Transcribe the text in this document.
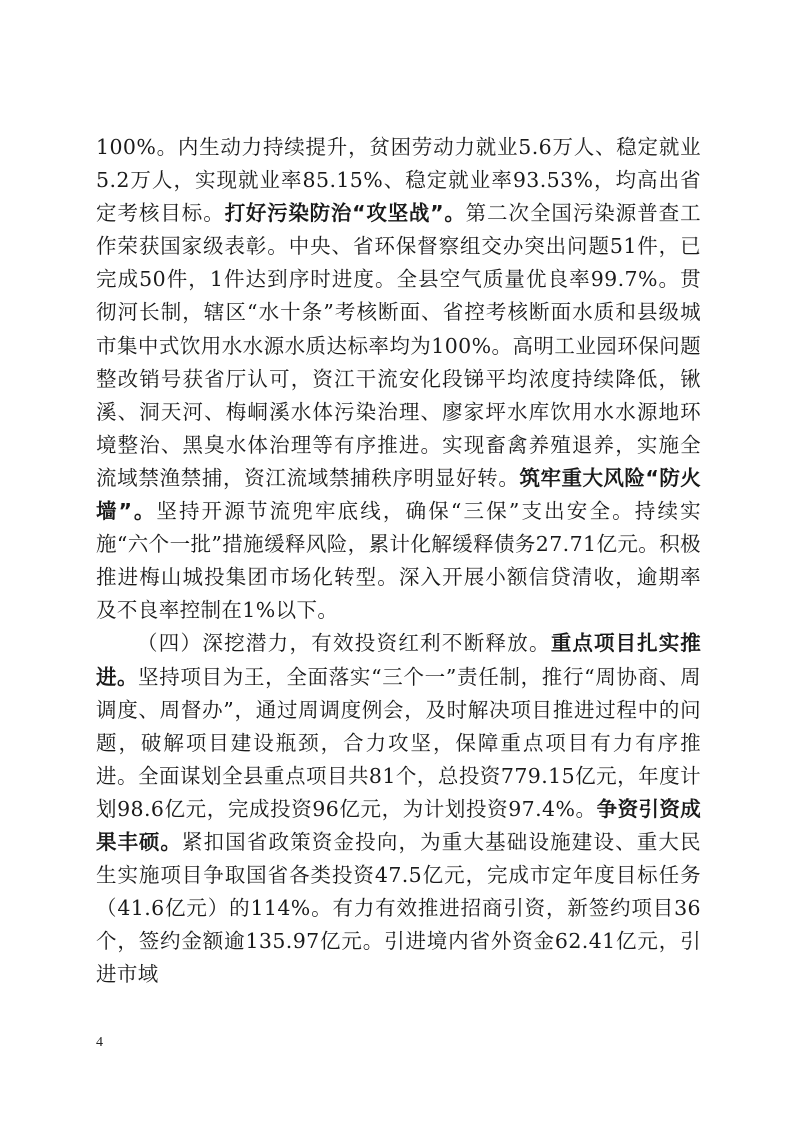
100%。内生动力持续提升，贫困劳动力就业5.6万人、稳定就业5.2万人，实现就业率85.15%、稳定就业率93.53%，均高出省定考核目标。打好污染防治“攻坚战”。第二次全国污染源普查工作荣获国家级表彰。中央、省环保督察组交办突出问题51件，已完成50件，1件达到序时进度。全县空气质量优良率99.7%。贯彻河长制，辖区“水十条”考核断面、省控考核断面水质和县级城市集中式饮用水水源水质达标率均为100%。高明工业园环保问题整改销号获省厅认可，资江干流安化段锑平均浓度持续降低，锹溪、洞天河、梅峒溪水体污染治理、廖家坪水库饮用水水源地环境整治、黑臭水体治理等有序推进。实现畜禽养殖退养，实施全流域禁渔禁捕，资江流域禁捕秩序明显好转。筑牢重大风险“防火墙”。坚持开源节流兜牢底线，确保“三保”支出安全。持续实施“六个一批”措施缓释风险，累计化解缓释债务27.71亿元。积极推进梅山城投集团市场化转型。深入开展小额信贷清收，逾期率及不良率控制在1%以下。

（四）深挖潜力，有效投资红利不断释放。重点项目扎实推进。坚持项目为王，全面落实“三个一”责任制，推行“周协商、周调度、周督办”，通过周调度例会，及时解决项目推进过程中的问题，破解项目建设瓶颈，合力攻坚，保障重点项目有力有序推进。全面谋划全县重点项目共81个，总投资779.15亿元，年度计划98.6亿元，完成投资96亿元，为计划投资97.4%。争资引资成果丰硕。紧扣国省政策资金投向，为重大基础设施建设、重大民生实施项目争取国省各类投资47.5亿元，完成市定年度目标任务（41.6亿元）的114%。有力有效推进招商引资，新签约项目36个，签约金额逾135.97亿元。引进境内省外资金62.41亿元，引进市域

4
